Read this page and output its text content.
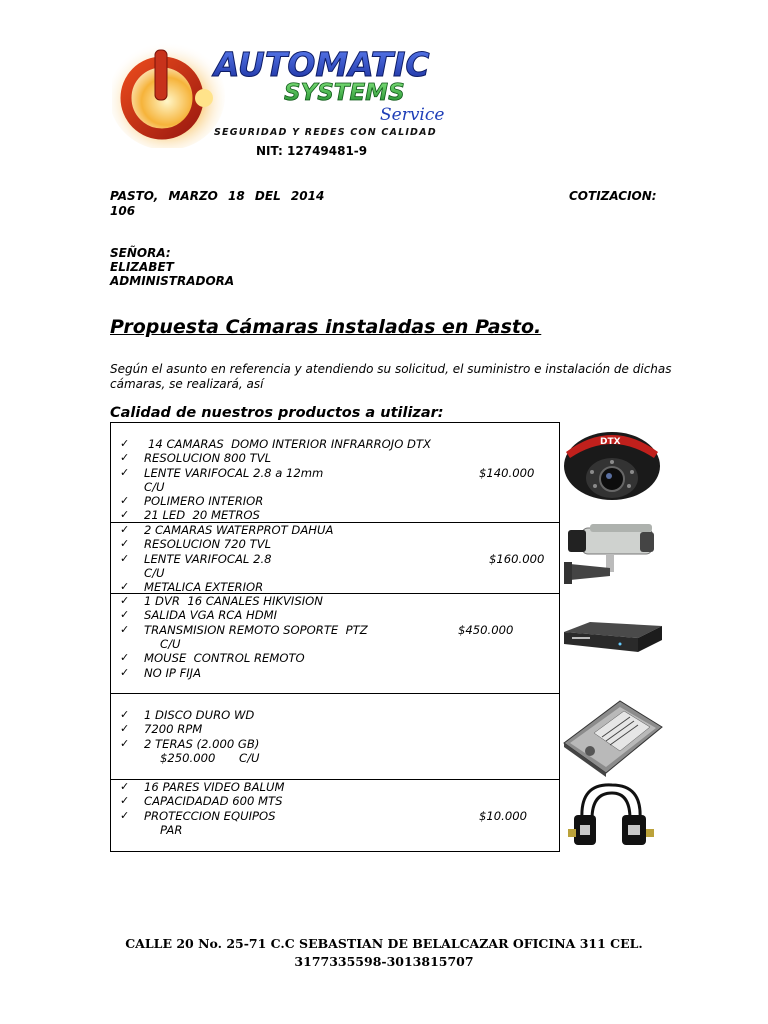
AUTOMATIC
SYSTEMS
Service
SEGURIDAD Y REDES CON CALIDAD
NIT: 12749481-9
PASTO, MARZO 18 DEL 2014	COTIZACION:
106
SEÑORA:
ELIZABET
ADMINISTRADORA
Propuesta Cámaras instaladas en Pasto.
Según el asunto en referencia y atendiendo su solicitud, el suministro e instalación de dichas cámaras, se realizará, así
Calidad de nuestros productos a utilizar:
✓ 14 CAMARAS  DOMO INTERIOR INFRARROJO DTX
✓ RESOLUCION 800 TVL
✓ LENTE VARIFOCAL 2.8 a 12mm	$140.000
C/U
✓ POLIMERO INTERIOR
✓ 21 LED  20 METROS
✓ 2 CAMARAS WATERPROT DAHUA
✓ RESOLUCION 720 TVL
✓ LENTE VARIFOCAL 2.8	$160.000
C/U
✓ METALICA EXTERIOR
✓ 1 DVR  16 CANALES HIKVISION
✓ SALIDA VGA RCA HDMI
✓ TRANSMISION REMOTO SOPORTE  PTZ	$450.000
C/U
✓ MOUSE  CONTROL REMOTO
✓ NO IP FIJA
✓ 1 DISCO DURO WD
✓ 7200 RPM
✓ 2 TERAS (2.000 GB)
$250.000 C/U
✓ 16 PARES VIDEO BALUM
✓ CAPACIDADAD 600 MTS
✓ PROTECCION EQUIPOS	$10.000
PAR
DTX
CALLE 20 No. 25-71 C.C SEBASTIAN DE BELALCAZAR OFICINA 311 CEL.
3177335598-3013815707
